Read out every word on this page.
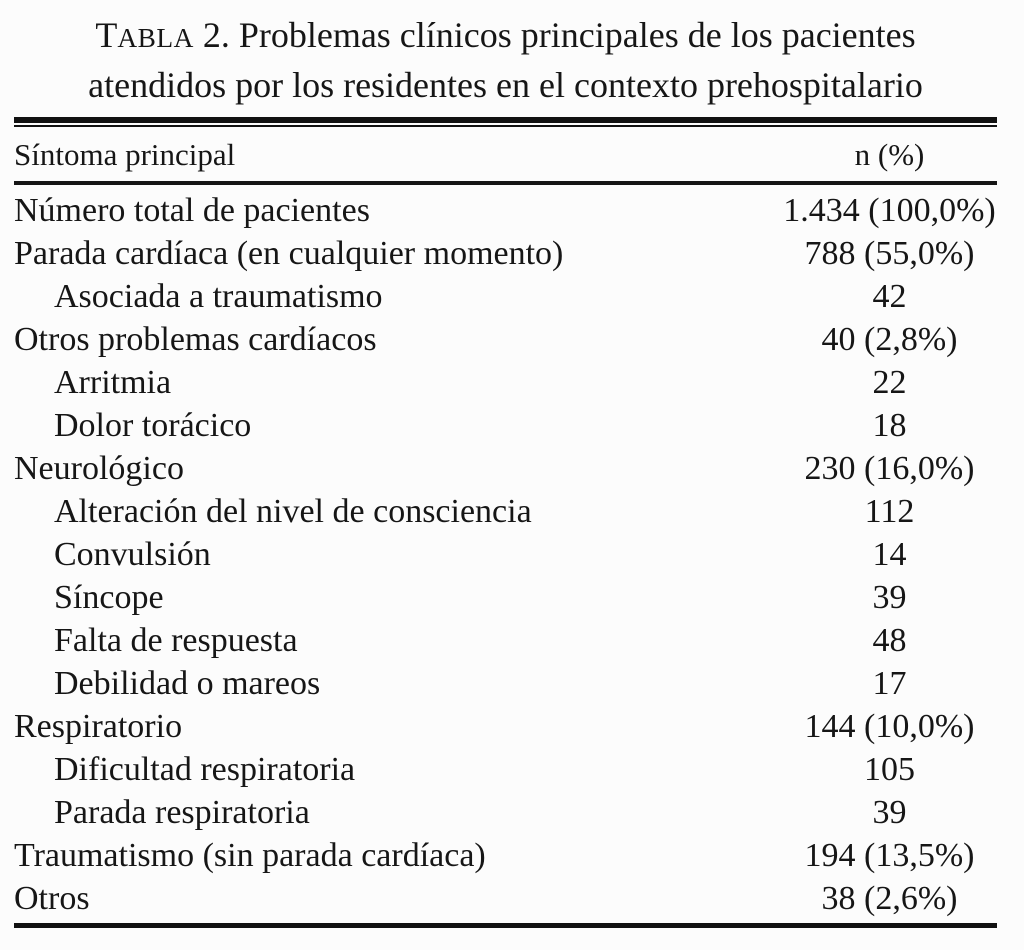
TABLA 2. Problemas clínicos principales de los pacientes
atendidos por los residentes en el contexto prehospitalario
Síntoma principal	n (%)
Número total de pacientes	1.434 (100,0%)
Parada cardíaca (en cualquier momento)	788 (55,0%)
Asociada a traumatismo	42
Otros problemas cardíacos	40 (2,8%)
Arritmia	22
Dolor torácico	18
Neurológico	230 (16,0%)
Alteración del nivel de consciencia	112
Convulsión	14
Síncope	39
Falta de respuesta	48
Debilidad o mareos	17
Respiratorio	144 (10,0%)
Dificultad respiratoria	105
Parada respiratoria	39
Traumatismo (sin parada cardíaca)	194 (13,5%)
Otros	38 (2,6%)
